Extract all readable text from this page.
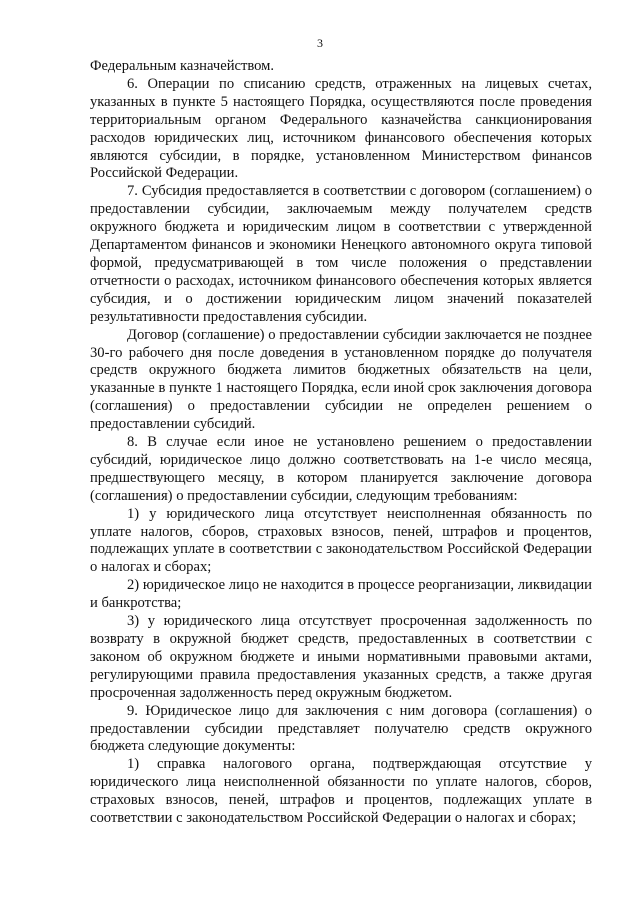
3

Федеральным казначейством.

6. Операции по списанию средств, отраженных на лицевых счетах, указанных в пункте 5 настоящего Порядка, осуществляются после проведения территориальным органом Федерального казначейства санкционирования расходов юридических лиц, источником финансового обеспечения которых являются субсидии, в порядке, установленном Министерством финансов Российской Федерации.

7. Субсидия предоставляется в соответствии с договором (соглашением) о предоставлении субсидии, заключаемым между получателем средств окружного бюджета и юридическим лицом в соответствии с утвержденной Департаментом финансов и экономики Ненецкого автономного округа типовой формой, предусматривающей в том числе положения о представлении отчетности о расходах, источником финансового обеспечения которых является субсидия, и о достижении юридическим лицом значений показателей результативности предоставления субсидии.

Договор (соглашение) о предоставлении субсидии заключается не позднее 30-го рабочего дня после доведения в установленном порядке до получателя средств окружного бюджета лимитов бюджетных обязательств на цели, указанные в пункте 1 настоящего Порядка, если иной срок заключения договора (соглашения) о предоставлении субсидии не определен решением о предоставлении субсидий.

8. В случае если иное не установлено решением о предоставлении субсидий, юридическое лицо должно соответствовать на 1-е число месяца, предшествующего месяцу, в котором планируется заключение договора (соглашения) о предоставлении субсидии, следующим требованиям:

1) у юридического лица отсутствует неисполненная обязанность по уплате налогов, сборов, страховых взносов, пеней, штрафов и процентов, подлежащих уплате в соответствии с законодательством Российской Федерации о налогах и сборах;

2) юридическое лицо не находится в процессе реорганизации, ликвидации и банкротства;

3) у юридического лица отсутствует просроченная задолженность по возврату в окружной бюджет средств, предоставленных в соответствии с законом об окружном бюджете и иными нормативными правовыми актами, регулирующими правила предоставления указанных средств, а также другая просроченная задолженность перед окружным бюджетом.

9. Юридическое лицо для заключения с ним договора (соглашения) о предоставлении субсидии представляет получателю средств окружного бюджета следующие документы:

1) справка налогового органа, подтверждающая отсутствие у юридического лица неисполненной обязанности по уплате налогов, сборов, страховых взносов, пеней, штрафов и процентов, подлежащих уплате в соответствии с законодательством Российской Федерации о налогах и сборах;
